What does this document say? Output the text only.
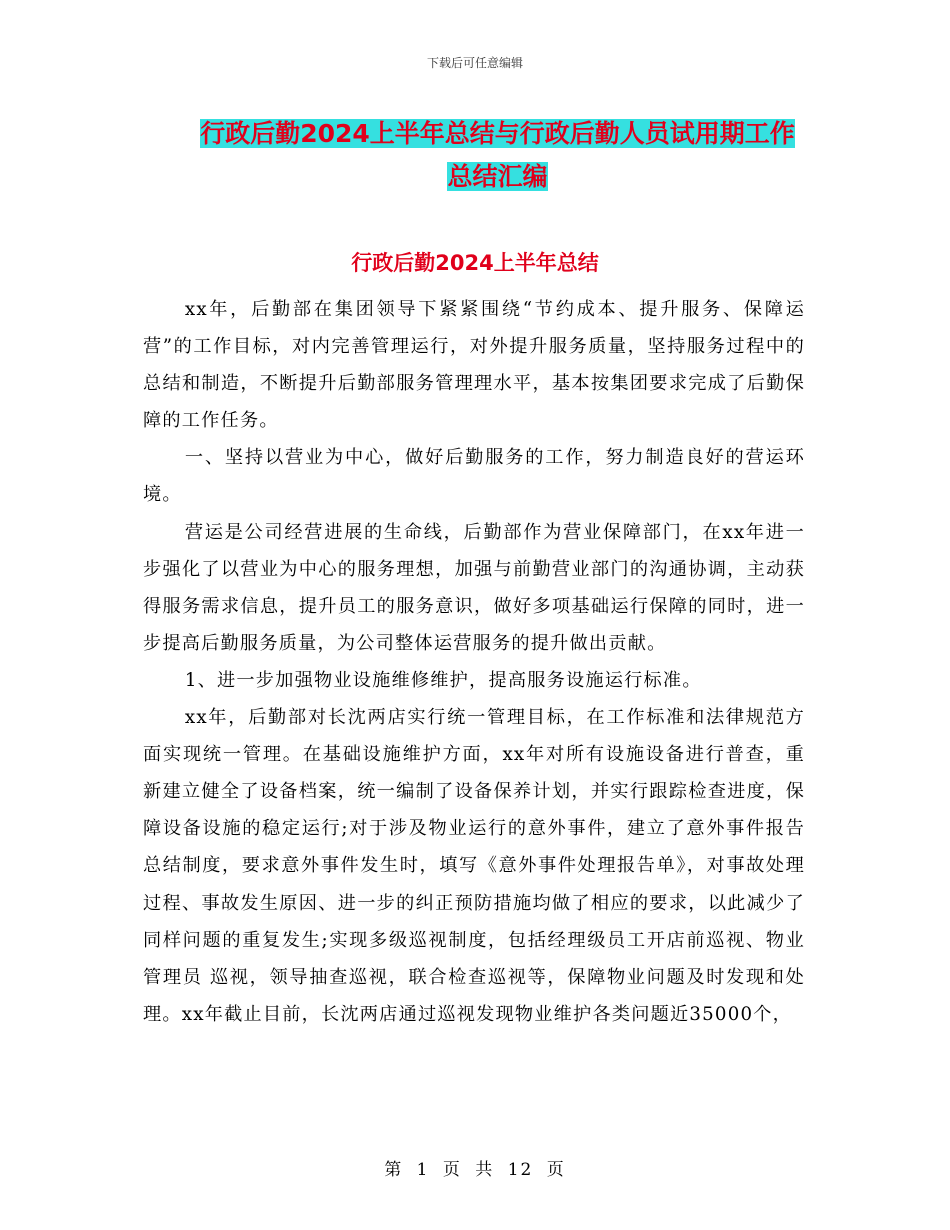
下载后可任意编辑
行政后勤2024上半年总结与行政后勤人员试用期工作
总结汇编
行政后勤2024上半年总结

xx年，后勤部在集团领导下紧紧围绕“节约成本、提升服务、保障运营”的工作目标，对内完善管理运行，对外提升服务质量，坚持服务过程中的总结和制造，不断提升后勤部服务管理理水平，基本按集团要求完成了后勤保障的工作任务。

一、坚持以营业为中心，做好后勤服务的工作，努力制造良好的营运环境。

营运是公司经营进展的生命线，后勤部作为营业保障部门，在xx年进一步强化了以营业为中心的服务理想，加强与前勤营业部门的沟通协调，主动获得服务需求信息，提升员工的服务意识，做好多项基础运行保障的同时，进一步提高后勤服务质量，为公司整体运营服务的提升做出贡献。

1、进一步加强物业设施维修维护，提高服务设施运行标准。

xx年，后勤部对长沈两店实行统一管理目标，在工作标准和法律规范方面实现统一管理。在基础设施维护方面，xx年对所有设施设备进行普查，重新建立健全了设备档案，统一编制了设备保养计划，并实行跟踪检查进度，保障设备设施的稳定运行;对于涉及物业运行的意外事件，建立了意外事件报告总结制度，要求意外事件发生时，填写《意外事件处理报告单》，对事故处理过程、事故发生原因、进一步的纠正预防措施均做了相应的要求，以此减少了同样问题的重复发生;实现多级巡视制度，包括经理级员工开店前巡视、物业管理员 巡视，领导抽查巡视，联合检查巡视等，保障物业问题及时发现和处理。xx年截止目前，长沈两店通过巡视发现物业维护各类问题近35000个，

第 1 页 共 12 页
